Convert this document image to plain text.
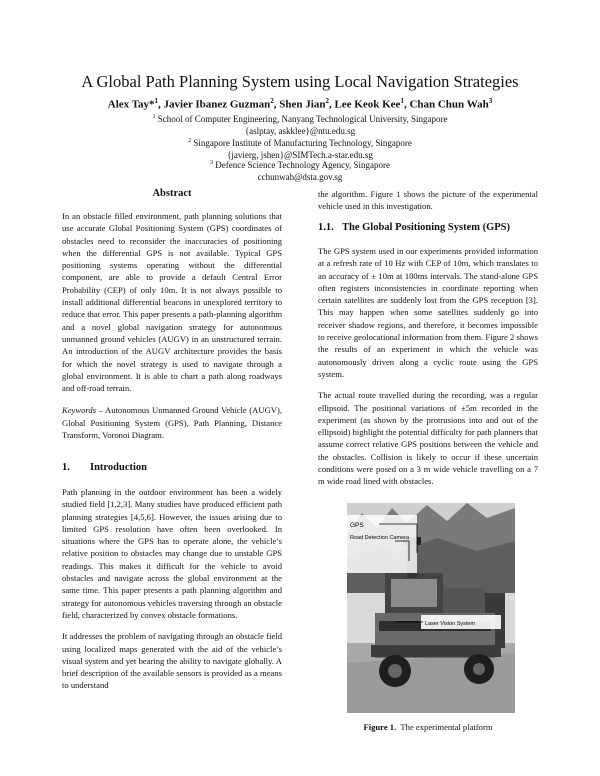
A Global Path Planning System using Local Navigation Strategies
Alex Tay*$^1$, Javier Ibanez Guzman$^2$, Shen Jian$^2$, Lee Keok Kee$^1$, Chan Chun Wah$^3$
$^1$ School of Computer Engineering, Nanyang Technological University, Singapore
{aslptay, askklee}@ntu.edu.sg
$^2$ Singapore Institute of Manufacturing Technology, Singapore
{javierg, jshen}@SIMTech.a-star.edu.sg
$^3$ Defence Science Technology Agency, Singapore
cchunwah@dsta.gov.sg
Abstract

In an obstacle filled environment, path planning solutions that use accurate Global Positioning System (GPS) coordinates of obstacles need to reconsider the inaccuracies of positioning when the differential GPS is not available. Typical GPS positioning systems operating without the differential component, are able to provide a default Central Error Probability (CEP) of only 10m. It is not always possible to install additional differential beacons in unexplored territory to reduce that error. This paper presents a path-planning algorithm and a novel global navigation strategy for autonomous unmanned ground vehicles (AUGV) in an unstructured terrain. An introduction of the AUGV architecture provides the basis for which the novel strategy is used to navigate through a global environment. It is able to chart a path along roadways and off-road terrain.

Keywords – Autonomous Unmanned Ground Vehicle (AUGV), Global Positioning System (GPS), Path Planning, Distance Transform, Voronoi Diagram.

1. Introduction

Path planning in the outdoor environment has been a widely studied field [1,2,3]. Many studies have produced efficient path planning strategies [4,5,6]. However, the issues arising due to limited GPS resolution have often been overlooked. In situations where the GPS has to operate alone, the vehicle’s relative position to obstacles may change due to unstable GPS readings. This makes it difficult for the vehicle to avoid obstacles and navigate across the global environment at the same time. This paper presents a path planning algorithm and strategy for autonomous vehicles traversing through an obstacle field, characterized by convex obstacle formations.

It addresses the problem of navigating through an obstacle field using localized maps generated with the aid of the vehicle’s visual system and yet bearing the ability to navigate globally. A brief description of the available sensors is provided as a means to understand

the algorithm. Figure 1 shows the picture of the experimental vehicle used in this investigation.

1.1. The Global Positioning System (GPS)

The GPS system used in our experiments provided information at a refresh rate of 10 Hz with CEP of 10m, which translates to an accuracy of ± 10m at 100ms intervals. The stand-alone GPS often registers inconsistencies in coordinate reporting when certain satellites are suddenly lost from the GPS reception [3]. This may happen when some satellites suddenly go into receiver shadow regions, and therefore, it becomes impossible to receive geolocational information from them. Figure 2 shows the results of an experiment in which the vehicle was autonomously driven along a cyclic route using the GPS system.

The actual route travelled during the recording, was a regular ellipsoid. The positional variations of ±5m recorded in the experiment (as shown by the protrusions into and out of the ellipsoid) highlight the potential difficulty for path planners that assume correct relative GPS positions between the vehicle and the obstacles. Collision is likely to occur if these uncertain conditions were posed on a 3 m wide vehicle travelling on a 7 m wide road lined with obstacles.

GPS
Road Detection Camera
Laser Vision System
Figure 1. The experimental platform
